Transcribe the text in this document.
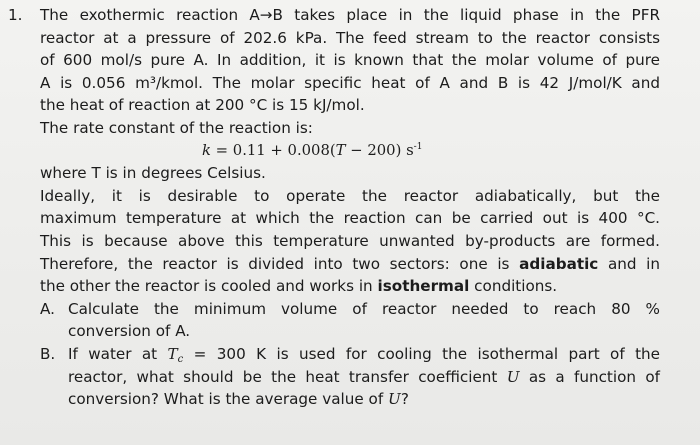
1. The exothermic reaction A→B takes place in the liquid phase in the PFR
reactor at a pressure of 202.6 kPa. The feed stream to the reactor consists
of 600 mol/s pure A. In addition, it is known that the molar volume of pure
A is 0.056 m³/kmol. The molar specific heat of A and B is 42 J/mol/K and
the heat of reaction at 200 °C is 15 kJ/mol.
The rate constant of the reaction is:
k = 0.11 + 0.008(T − 200) $s^{-1}$
where T is in degrees Celsius.
Ideally, it is desirable to operate the reactor adiabatically, but the
maximum temperature at which the reaction can be carried out is 400 °C.
This is because above this temperature unwanted by-products are formed.
Therefore, the reactor is divided into two sectors: one is adiabatic and in
the other the reactor is cooled and works in isothermal conditions.
A. Calculate the minimum volume of reactor needed to reach 80 %
conversion of A.
B. If water at $T_c = 300$ K is used for cooling the isothermal part of the
reactor, what should be the heat transfer coefficient U as a function of
conversion? What is the average value of U?
